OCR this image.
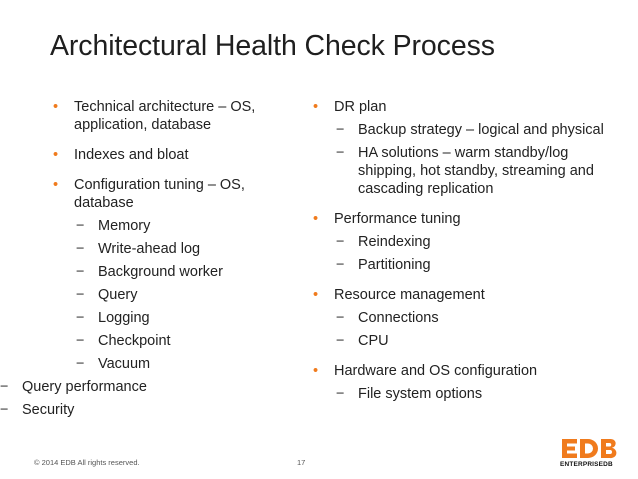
Architectural Health Check Process
• Technical architecture – OS,
application, database
• Indexes and bloat
• Configuration tuning – OS,
database
− Memory
− Write-ahead log
− Background worker
− Query
− Logging
− Checkpoint
− Vacuum
− Query performance
− Security
• DR plan
− Backup strategy – logical and physical
− HA solutions – warm standby/log
shipping, hot standby, streaming and
cascading replication
• Performance tuning
− Reindexing
− Partitioning
• Resource management
− Connections
− CPU
• Hardware and OS configuration
− File system options
© 2014 EDB All rights reserved.	17	ENTERPRISEDB
